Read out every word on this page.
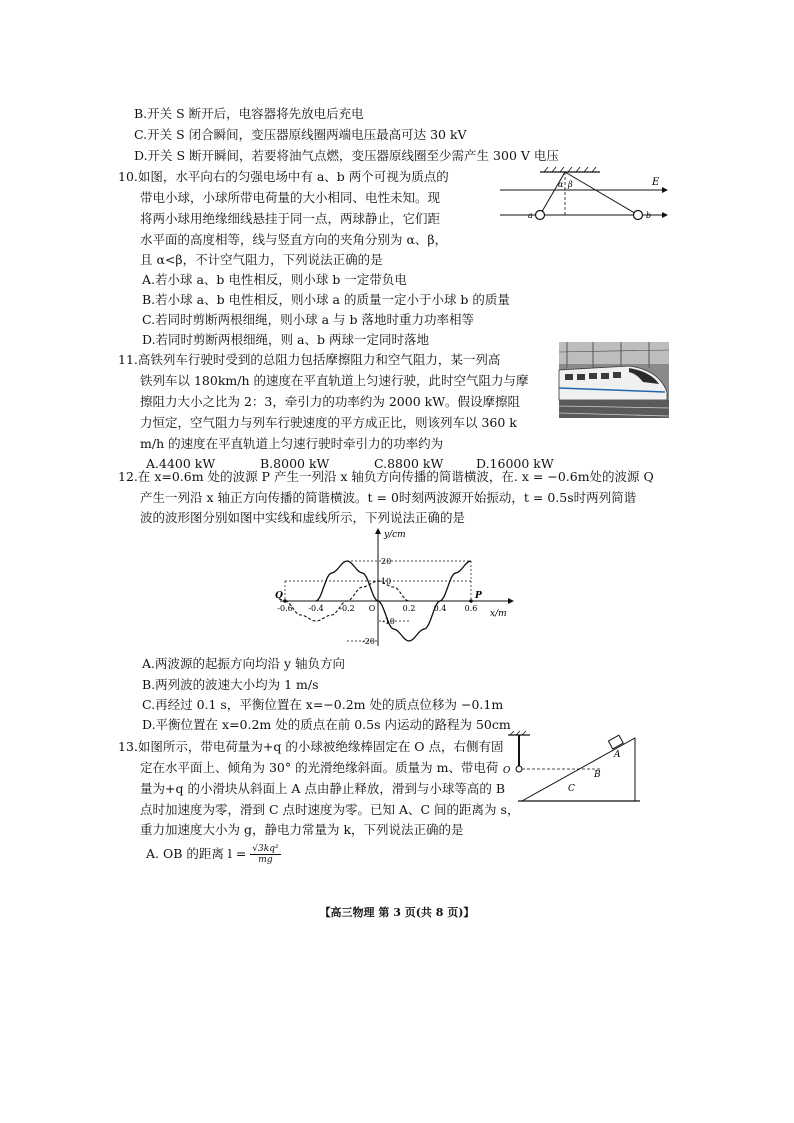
B.开关 S 断开后，电容器将先放电后充电
C.开关 S 闭合瞬间，变压器原线圈两端电压最高可达 30 kV
D.开关 S 断开瞬间，若要将油气点燃，变压器原线圈至少需产生 300 V 电压
10.如图，水平向右的匀强电场中有 a、b 两个可视为质点的
带电小球，小球所带电荷量的大小相同、电性未知。现
将两小球用绝缘细线悬挂于同一点，两球静止，它们距
水平面的高度相等，线与竖直方向的夹角分别为 α、β，
且 α<β，不计空气阻力，下列说法正确的是
A.若小球 a、b 电性相反，则小球 b 一定带负电
B.若小球 a、b 电性相反，则小球 a 的质量一定小于小球 b 的质量
C.若同时剪断两根细绳，则小球 a 与 b 落地时重力功率相等
D.若同时剪断两根细绳，则 a、b 两球一定同时落地
α β	E
a	b
11.高铁列车行驶时受到的总阻力包括摩擦阻力和空气阻力，某一列高
铁列车以 180km/h 的速度在平直轨道上匀速行驶，此时空气阻力与摩
擦阻力大小之比为 2：3，牵引力的功率约为 2000 kW。假设摩擦阻
力恒定，空气阻力与列车行驶速度的平方成正比，则该列车以 360 k
m/h 的速度在平直轨道上匀速行驶时牵引力的功率约为
A.4400 kW	B.8000 kW	C.8800 kW	D.16000 kW
12.在 x=0.6m 处的波源 P 产生一列沿 x 轴负方向传播的简谐横波，在. x = −0.6m处的波源 Q
产生一列沿 x 轴正方向传播的简谐横波。t = 0时刻两波源开始振动，t = 0.5s时两列简谐
波的波形图分别如图中实线和虚线所示，下列说法正确的是
y/cm
x/m
-0.6 -0.4 -0.2 O	0.2 0.4 0.6
20
10
-10
-20
Q	P
A.两波源的起振方向均沿 y 轴负方向
B.两列波的波速大小均为 1 m/s
C.再经过 0.1 s，平衡位置在 x=−0.2m 处的质点位移为 −0.1m
D.平衡位置在 x=0.2m 处的质点在前 0.5s 内运动的路程为 50cm
13.如图所示，带电荷量为+q 的小球被绝缘棒固定在 O 点，右侧有固
定在水平面上、倾角为 30° 的光滑绝缘斜面。质量为 m、带电荷
量为+q 的小滑块从斜面上 A 点由静止释放，滑到与小球等高的 B
点时加速度为零，滑到 C 点时速度为零。已知 A、C 间的距离为 s，
重力加速度大小为 g，静电力常量为 k，下列说法正确的是
A. OB 的距离 $l = \frac{\text{√3kq²}}{mg}$
O
A
B
C
【高三物理 第 3 页(共 8 页)】
